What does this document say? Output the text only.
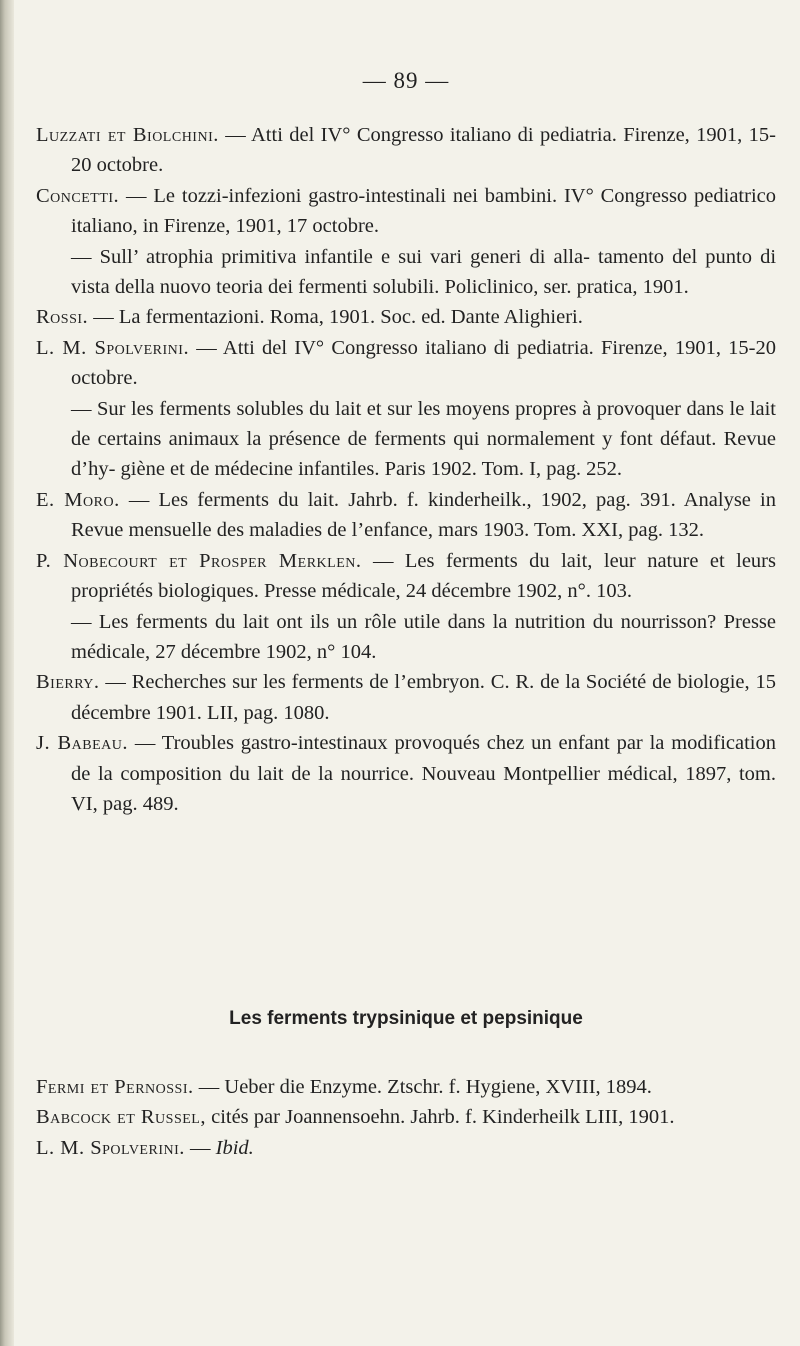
— 89 —

Luzzati et Biolchini. — Atti del IV° Congresso italiano di pediatria. Firenze, 1901, 15-20 octobre.

Concetti. — Le tozzi-infezioni gastro-intestinali nei bambini. IV° Congresso pediatrico italiano, in Firenze, 1901, 17 octobre.

— Sull’ atrophia primitiva infantile e sui vari generi di alla- tamento del punto di vista della nuovo teoria dei fermenti solubili. Policlinico, ser. pratica, 1901.

Rossi. — La fermentazioni. Roma, 1901. Soc. ed. Dante Alighieri.

L. M. Spolverini. — Atti del IV° Congresso italiano di pediatria. Firenze, 1901, 15-20 octobre.

— Sur les ferments solubles du lait et sur les moyens propres à provoquer dans le lait de certains animaux la présence de ferments qui normalement y font défaut. Revue d’hy- giène et de médecine infantiles. Paris 1902. Tom. I, pag. 252.

E. Moro. — Les ferments du lait. Jahrb. f. kinderheilk., 1902, pag. 391. Analyse in Revue mensuelle des maladies de l’enfance, mars 1903. Tom. XXI, pag. 132.

P. Nobecourt et Prosper Merklen. — Les ferments du lait, leur nature et leurs propriétés biologiques. Presse médicale, 24 décembre 1902, n°. 103.

— Les ferments du lait ont ils un rôle utile dans la nutrition du nourrisson? Presse médicale, 27 décembre 1902, n° 104.

Bierry. — Recherches sur les ferments de l’embryon. C. R. de la Société de biologie, 15 décembre 1901. LII, pag. 1080.

J. Babeau. — Troubles gastro-intestinaux provoqués chez un enfant par la modification de la composition du lait de la nourrice. Nouveau Montpellier médical, 1897, tom. VI, pag. 489.

Les ferments trypsinique et pepsinique

Fermi et Pernossi. — Ueber die Enzyme. Ztschr. f. Hygiene, XVIII, 1894.

Babcock et Russel, cités par Joannensoehn. Jahrb. f. Kinderheilk LIII, 1901.

L. M. Spolverini. — Ibid.
